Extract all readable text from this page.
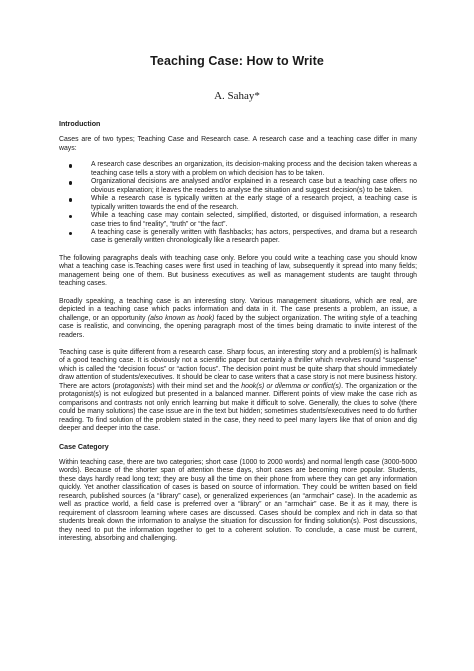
Teaching Case: How to Write
A. Sahay*

Introduction

Cases are of two types; Teaching Case and Research case. A research case and a teaching case differ in many ways:

A research case describes an organization, its decision-making process and the decision taken whereas a teaching case tells a story with a problem on which decision has to be taken.
Organizational decisions are analysed and/or explained in a research case but a teaching case offers no obvious explanation; it leaves the readers to analyse the situation and suggest decision(s) to be taken.
While a research case is typically written at the early stage of a research project, a teaching case is typically written towards the end of the research.
While a teaching case may contain selected, simplified, distorted, or disguised information, a research case tries to find “reality”, “truth” or “the fact”.
A teaching case is generally written with flashbacks; has actors, perspectives, and drama but a research case is generally written chronologically like a research paper.

The following paragraphs deals with teaching case only. Before you could write a teaching case you should know what a teaching case is.Teaching cases were first used in teaching of law, subsequently it spread into many fields; management being one of them. But business executives as well as management students are taught through teaching cases.

Broadly speaking, a teaching case is an interesting story. Various management situations, which are real, are depicted in a teaching case which packs information and data in it. The case presents a problem, an issue, a challenge, or an opportunity (also known as hook) faced by the subject organization. The writing style of a teaching case is realistic, and convincing, the opening paragraph most of the times being dramatic to invite interest of the readers.

Teaching case is quite different from a research case. Sharp focus, an interesting story and a problem(s) is hallmark of a good teaching case. It is obviously not a scientific paper but certainly a thriller which revolves round “suspense” which is called the “decision focus” or “action focus”. The decision point must be quite sharp that should immediately draw attention of students/executives. It should be clear to case writers that a case story is not mere business history. There are actors (protagonists) with their mind set and the hook(s) or dilemma or conflict(s). The organization or the protagonist(s) is not eulogized but presented in a balanced manner. Different points of view make the case rich as comparisons and contrasts not only enrich learning but make it difficult to solve. Generally, the clues to solve (there could be many solutions) the case issue are in the text but hidden; sometimes students/executives need to do further reading. To find solution of the problem stated in the case, they need to peel many layers like that of onion and dig deeper and deeper into the case.

Case Category

Within teaching case, there are two categories; short case (1000 to 2000 words) and normal length case (3000-5000 words). Because of the shorter span of attention these days, short cases are becoming more popular. Students, these days hardly read long text; they are busy all the time on their phone from where they can get any information quickly. Yet another classification of cases is based on source of information. They could be written based on field research, published sources (a “library” case), or generalized experiences (an “armchair” case). In the academic as well as practice world, a field case is preferred over a “library” or an “armchair” case. Be it as it may, there is requirement of classroom learning where cases are discussed. Cases should be complex and rich in data so that students break down the information to analyse the situation for discussion for finding solution(s). Post discussions, they need to put the information together to get to a coherent solution. To conclude, a case must be current, interesting, absorbing and challenging.
